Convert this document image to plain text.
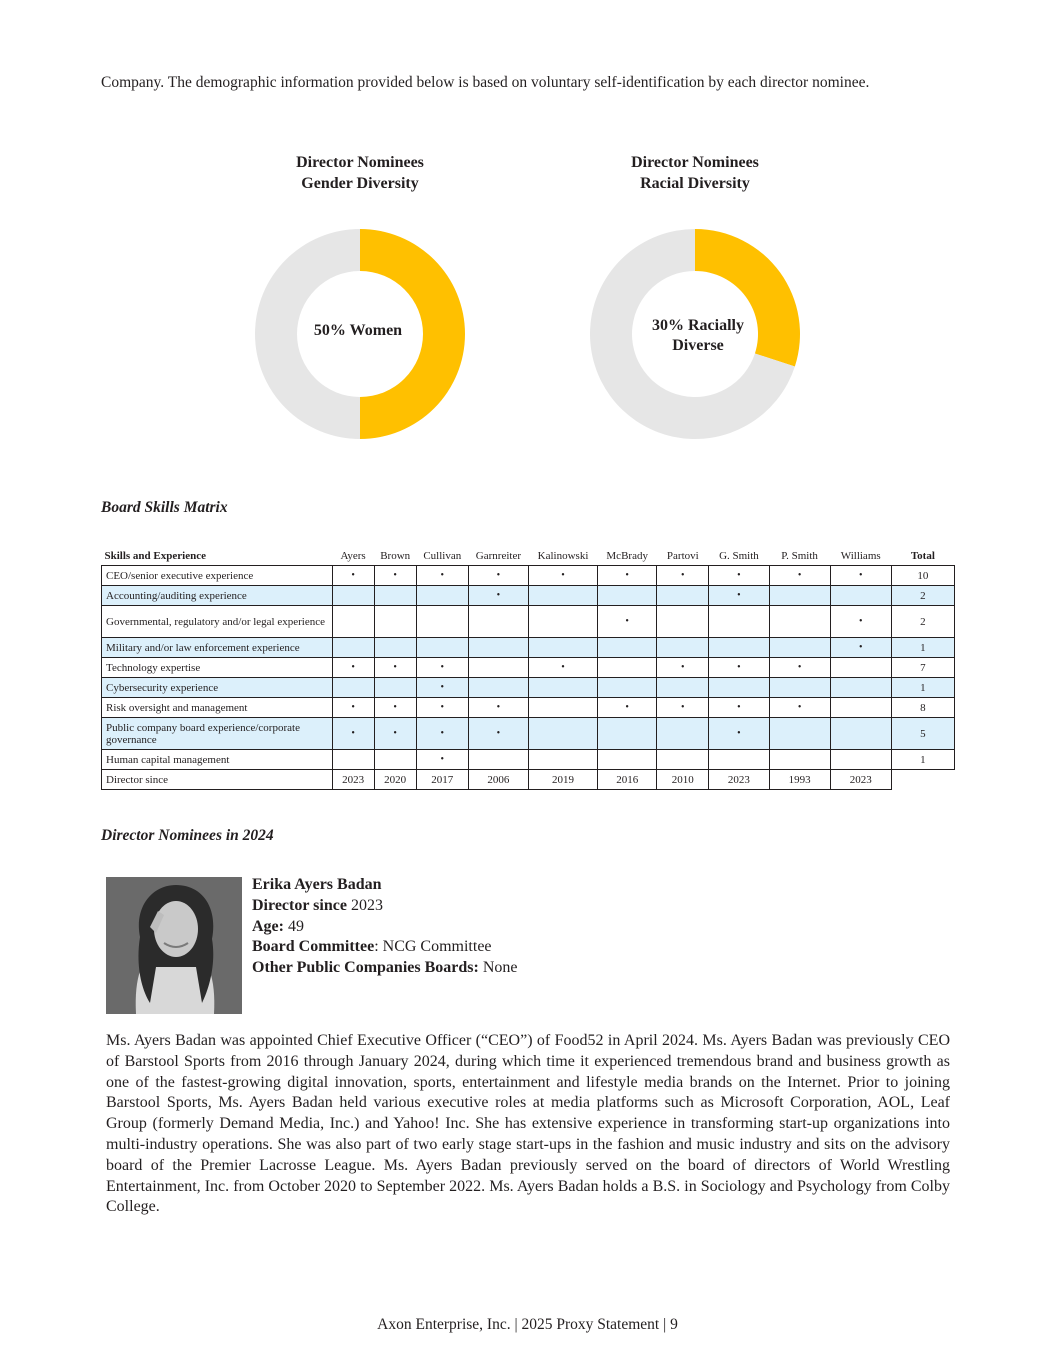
Company. The demographic information provided below is based on voluntary self-identification by each director nominee.

Director Nominees
Gender Diversity
50% Women
Director Nominees
Racial Diversity
30% Racially
Diverse
Board Skills Matrix
Skills and Experience	Ayers	Brown	Cullivan	Garnreiter	Kalinowski	McBrady	Partovi	G. Smith	P. Smith	Williams	Total
CEO/senior executive experience	•	•	•	•	•	•	•	•	•	•	10
Accounting/auditing experience				•				•			2
Governmental, regulatory and/or legal experience						•				•	2
Military and/or law enforcement experience										•	1
Technology expertise	•	•	•		•		•	•	•		7
Cybersecurity experience			•								1
Risk oversight and management	•	•	•	•		•	•	•	•		8
Public company board experience/corporate governance	•	•	•	•				•			5
Human capital management			•								1
Director since	2023	2020	2017	2006	2019	2016	2010	2023	1993	2023	
Director Nominees in 2024
Erika Ayers Badan
Director since 2023
Age: 49
Board Committee: NCG Committee
Other Public Companies Boards: None

Ms. Ayers Badan was appointed Chief Executive Officer (“CEO”) of Food52 in April 2024. Ms. Ayers Badan was previously CEO of Barstool Sports from 2016 through January 2024, during which time it experienced tremendous brand and business growth as one of the fastest-growing digital innovation, sports, entertainment and lifestyle media brands on the Internet. Prior to joining Barstool Sports, Ms. Ayers Badan held various executive roles at media platforms such as Microsoft Corporation, AOL, Leaf Group (formerly Demand Media, Inc.) and Yahoo! Inc. She has extensive experience in transforming start-up organizations into multi-industry operations. She was also part of two early stage start-ups in the fashion and music industry and sits on the advisory board of the Premier Lacrosse League. Ms. Ayers Badan previously served on the board of directors of World Wrestling Entertainment, Inc. from October 2020 to September 2022. Ms. Ayers Badan holds a B.S. in Sociology and Psychology from Colby College.

Axon Enterprise, Inc. | 2025 Proxy Statement | 9
